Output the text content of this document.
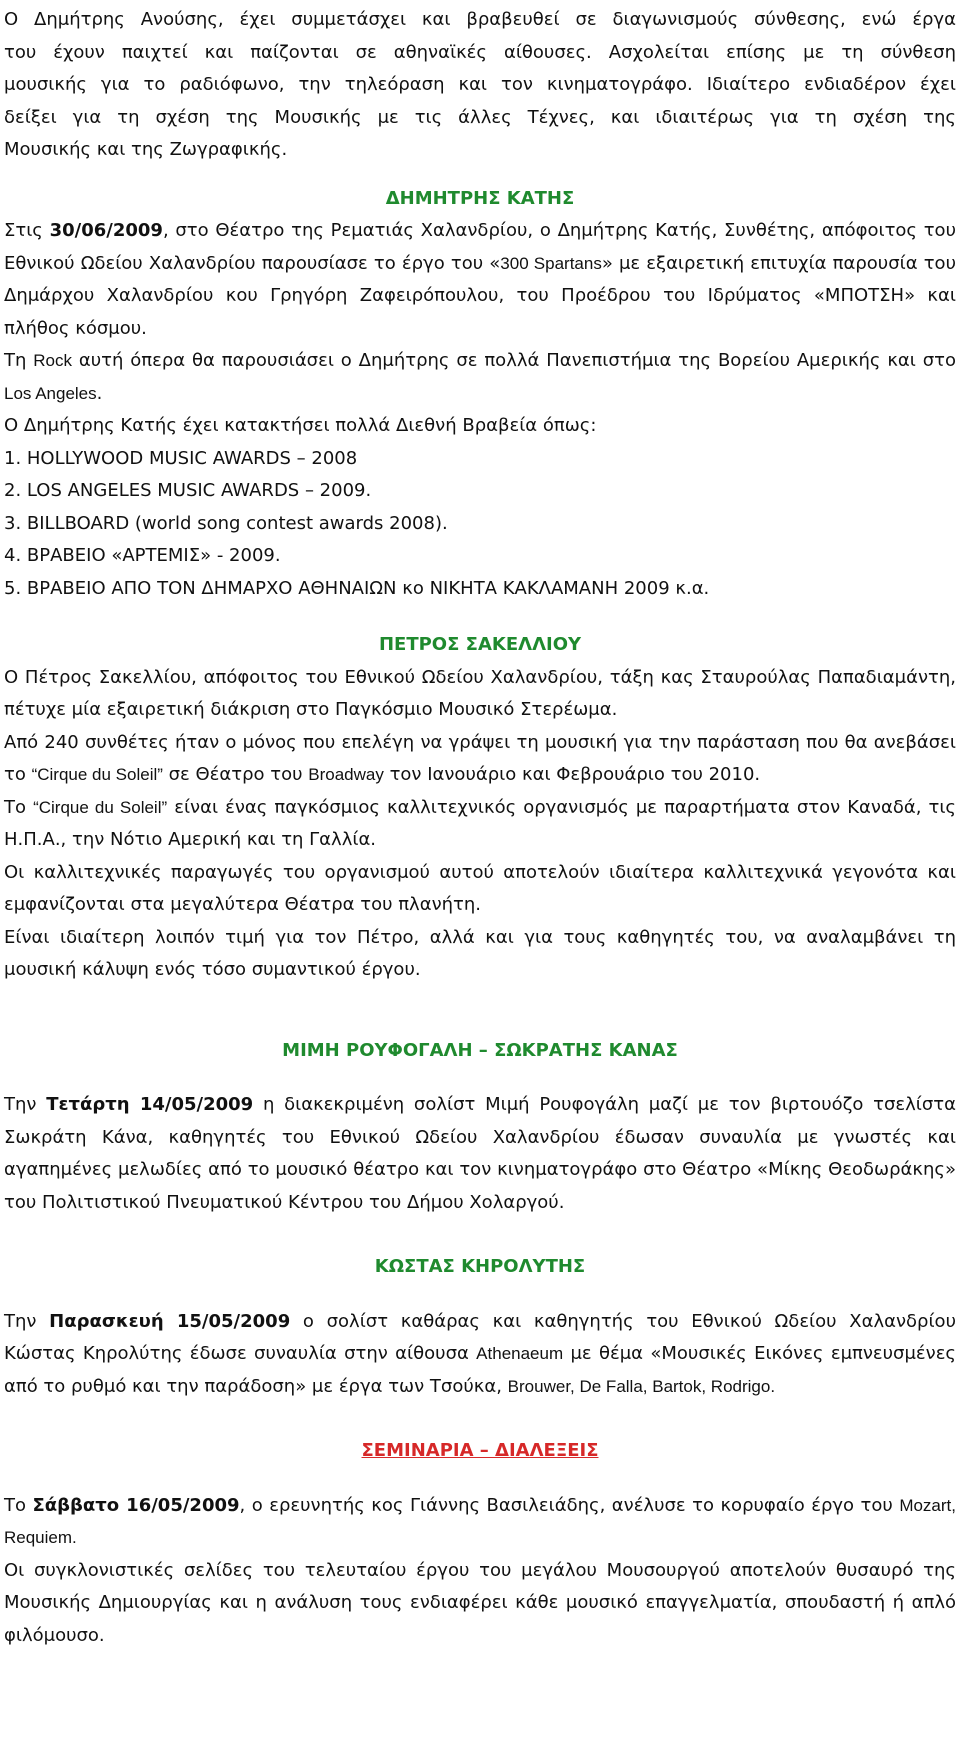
Ο Δημήτρης Ανούσης, έχει συμμετάσχει και βραβευθεί σε διαγωνισμούς σύνθεσης, ενώ έργα

του έχουν παιχτεί και παίζονται σε αθηναϊκές αίθουσες. Ασχολείται επίσης με τη σύνθεση

μουσικής για το ραδιόφωνο, την τηλεόραση και τον κινηματογράφο. Ιδιαίτερο ενδιαδέρον έχει

δείξει για τη σχέση της Μουσικής με τις άλλες Τέχνες, και ιδιαιτέρως για τη σχέση της

Μουσικής και της Ζωγραφικής.

ΔΗΜΗΤΡΗΣ ΚΑΤΗΣ

Στις 30/06/2009, στο Θέατρο της Ρεματιάς Χαλανδρίου, ο Δημήτρης Κατής, Συνθέτης, απόφοιτος του Εθνικού Ωδείου Χαλανδρίου παρουσίασε το έργο του «300 Spartans» με εξαιρετική επιτυχία παρουσία του Δημάρχου Χαλανδρίου κου Γρηγόρη Ζαφειρόπουλου, του Προέδρου του Ιδρύματος «ΜΠΟΤΣΗ» και πλήθος κόσμου.

Τη Rock αυτή όπερα θα παρουσιάσει ο Δημήτρης σε πολλά Πανεπιστήμια της Βορείου Αμερικής και στο Los Angeles.

Ο Δημήτρης Κατής έχει κατακτήσει πολλά Διεθνή Βραβεία όπως:

1. HOLLYWOOD MUSIC AWARDS – 2008
2. LOS ANGELES MUSIC AWARDS – 2009.
3. BILLBOARD (world song contest awards 2008).
4. ΒΡΑΒΕΙΟ «ΑΡΤΕΜΙΣ» - 2009.
5. ΒΡΑΒΕΙΟ ΑΠΟ ΤΟΝ ΔΗΜΑΡΧΟ ΑΘΗΝΑΙΩΝ κο ΝΙΚΗΤΑ ΚΑΚΛΑΜΑΝΗ 2009 κ.α.
ΠΕΤΡΟΣ ΣΑΚΕΛΛΙΟΥ

Ο Πέτρος Σακελλίου, απόφοιτος του Εθνικού Ωδείου Χαλανδρίου, τάξη κας Σταυρούλας Παπαδιαμάντη, πέτυχε μία εξαιρετική διάκριση στο Παγκόσμιο Μουσικό Στερέωμα.

Από 240 συνθέτες ήταν ο μόνος που επελέγη να γράψει τη μουσική για την παράσταση που θα ανεβάσει το “Cirque du Soleil” σε Θέατρο του Broadway τον Ιανουάριο και Φεβρουάριο του 2010.

Το “Cirque du Soleil” είναι ένας παγκόσμιος καλλιτεχνικός οργανισμός με παραρτήματα στον Καναδά, τις Η.Π.Α., την Νότιο Αμερική και τη Γαλλία.

Οι καλλιτεχνικές παραγωγές του οργανισμού αυτού αποτελούν ιδιαίτερα καλλιτεχνικά γεγονότα και εμφανίζονται στα μεγαλύτερα Θέατρα του πλανήτη.

Είναι ιδιαίτερη λοιπόν τιμή για τον Πέτρο, αλλά και για τους καθηγητές του, να αναλαμβάνει τη μουσική κάλυψη ενός τόσο συμαντικού έργου.

ΜΙΜΗ ΡΟΥΦΟΓΑΛΗ – ΣΩΚΡΑΤΗΣ ΚΑΝΑΣ

Την Τετάρτη 14/05/2009 η διακεκριμένη σολίστ Μιμή Ρουφογάλη μαζί με τον βιρτουόζο τσελίστα Σωκράτη Κάνα, καθηγητές του Εθνικού Ωδείου Χαλανδρίου έδωσαν συναυλία με γνωστές και αγαπημένες μελωδίες από το μουσικό θέατρο και τον κινηματογράφο στο Θέατρο «Μίκης Θεοδωράκης» του Πολιτιστικού Πνευματικού Κέντρου του Δήμου Χολαργού.

ΚΩΣΤΑΣ ΚΗΡΟΛΥΤΗΣ

Την Παρασκευή 15/05/2009 ο σολίστ καθάρας και καθηγητής του Εθνικού Ωδείου Χαλανδρίου Κώστας Κηρολύτης έδωσε συναυλία στην αίθουσα Athenaeum με θέμα «Μουσικές Εικόνες εμπνευσμένες από το ρυθμό και την παράδοση» με έργα των Τσούκα, Brouwer, De Falla, Bartok, Rodrigo.

ΣΕΜΙΝΑΡΙΑ – ΔΙΑΛΕΞΕΙΣ

Το Σάββατο 16/05/2009, ο ερευνητής κος Γιάννης Βασιλειάδης, ανέλυσε το κορυφαίο έργο του Mozart, Requiem.

Οι συγκλονιστικές σελίδες του τελευταίου έργου του μεγάλου Μουσουργού αποτελούν θυσαυρό της Μουσικής Δημιουργίας και η ανάλυση τους ενδιαφέρει κάθε μουσικό επαγγελματία, σπουδαστή ή απλό φιλόμουσο.
